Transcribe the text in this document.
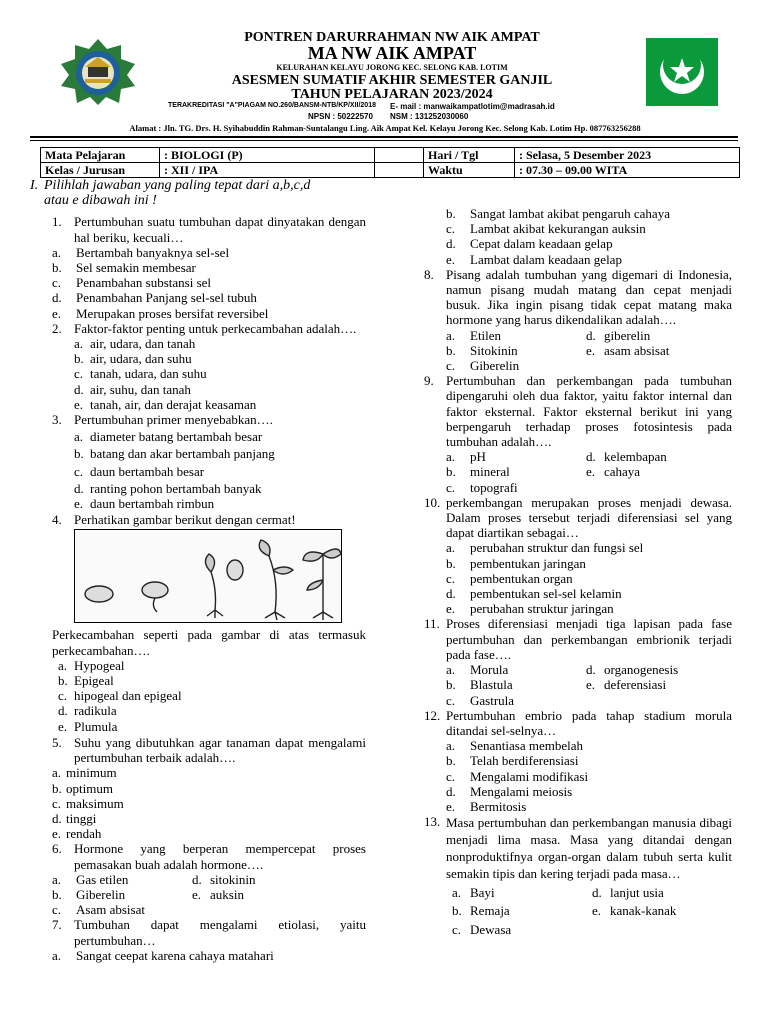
PONTREN DARURRAHMAN NW AIK AMPAT
MA NW AIK AMPAT
KELURAHAN KELAYU JORONG KEC. SELONG KAB. LOTIM
ASESMEN SUMATIF AKHIR SEMESTER GANJIL
TAHUN PELAJARAN 2023/2024
TERAKREDITASI "A"PIAGAM NO.260/BANSM-NTB/KP/XII/2018 E- mail : manwaikampatlotim@madrasah.id
NPSN : 50222570 NSM : 131252030060
Alamat : Jln. TG. Drs. H. Syihabuddin Rahman-Suntalangu Ling. Aik Ampat Kel. Kelayu Jorong Kec. Selong Kab. Lotim Hp. 087763256288
Mata Pelajaran	: BIOLOGI (P)		Hari / Tgl	: Selasa, 5 Desember 2023
Kelas / Jurusan	: XII / IPA		Waktu	: 07.30 – 09.00 WITA
I. Pilihlah jawaban yang paling tepat dari a,b,c,d
atau e dibawah ini !
1. Pertumbuhan suatu tumbuhan dapat dinyatakan dengan hal beriku, kecuali…
a.	Bertambah banyaknya sel-sel
b.	Sel semakin membesar
c.	Penambahan substansi sel
d.	Penambahan Panjang sel-sel tubuh
e.	Merupakan proses bersifat reversibel
2. Faktor-faktor penting untuk perkecambahan adalah….
a. air, udara, dan tanah
b. air, udara, dan suhu
c. tanah, udara, dan suhu
d. air, suhu, dan tanah
e. tanah, air, dan derajat keasaman
3. Pertumbuhan primer menyebabkan….
a. diameter batang bertambah besar
b. batang dan akar bertambah panjang
c. daun bertambah besar
d. ranting pohon bertambah banyak
e. daun bertambah rimbun
4. Perhatikan gambar berikut dengan cermat!
Perkecambahan seperti pada gambar di atas termasuk perkecambahan….
a. Hypogeal
b. Epigeal
c. hipogeal dan epigeal
d. radikula
e. Plumula
5. Suhu yang dibutuhkan agar tanaman dapat mengalami pertumbuhan terbaik adalah….
a. minimum
b. optimum
c. maksimum
d. tinggi
e. rendah
6. Hormone yang berperan mempercepat proses pemasakan buah adalah hormone….
a.	Gas etilen	d. sitokinin
b.	Giberelin	e. auksin
c.	Asam absisat
7. Tumbuhan dapat mengalami etiolasi, yaitu pertumbuhan…
a.	Sangat ceepat karena cahaya matahari
b.	Sangat lambat akibat pengaruh cahaya
c.	Lambat akibat kekurangan auksin
d.	Cepat dalam keadaan gelap
e.	Lambat dalam keadaan gelap
8. Pisang adalah tumbuhan yang digemari di Indonesia, namun pisang mudah matang dan cepat menjadi busuk. Jika ingin pisang tidak cepat matang maka hormone yang harus dikendalikan adalah….
a.	Etilen	d. giberelin
b.	Sitokinin	e. asam absisat
c.	Giberelin
9. Pertumbuhan dan perkembangan pada tumbuhan dipengaruhi oleh dua faktor, yaitu faktor internal dan faktor eksternal. Faktor eksternal berikut ini yang berpengaruh terhadap proses fotosintesis pada tumbuhan adalah….
a.	pH	d. kelembapan
b.	mineral	e. cahaya
c.	topografi
10. perkembangan merupakan proses menjadi dewasa. Dalam proses tersebut terjadi diferensiasi sel yang dapat diartikan sebagai…
a.	perubahan struktur dan fungsi sel
b.	pembentukan jaringan
c.	pembentukan organ
d.	pembentukan sel-sel kelamin
e.	perubahan struktur jaringan
11. Proses diferensiasi menjadi tiga lapisan pada fase pertumbuhan dan perkembangan embrionik terjadi pada fase….
a.	Morula	d. organogenesis
b.	Blastula	e. deferensiasi
c.	Gastrula
12. Pertumbuhan embrio pada tahap stadium morula ditandai sel-selnya…
a.	Senantiasa membelah
b.	Telah berdiferensiasi
c.	Mengalami modifikasi
d.	Mengalami meiosis
e.	Bermitosis
13. Masa pertumbuhan dan perkembangan manusia dibagi menjadi lima masa. Masa yang ditandai dengan nonproduktifnya organ-organ dalam tubuh serta kulit semakin tipis dan kering terjadi pada masa…
a. Bayi	d. lanjut usia
b. Remaja	e. kanak-kanak
c. Dewasa
